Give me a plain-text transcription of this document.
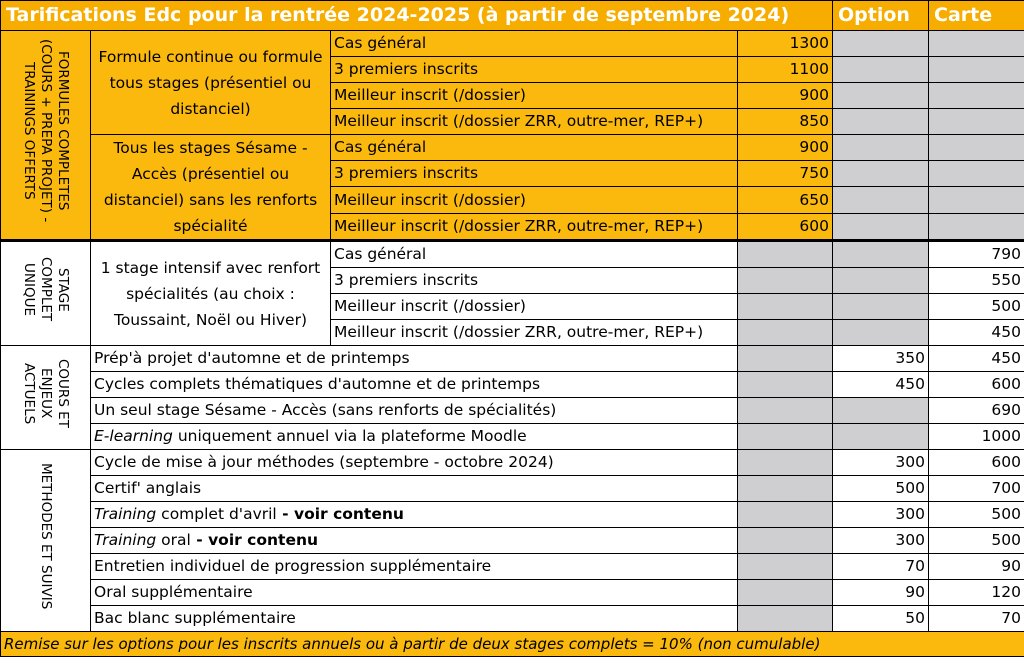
Tarifications Edc pour la rentrée 2024-2025 (à partir de septembre 2024)				Option	Carte
FORMULES COMPLETES (COURS + PREPA PROJET) - TRAININGS OFFERTS	Formule continue ou formule tous stages (présentiel ou distanciel)	Cas général	1300		
		3 premiers inscrits	1100		
		Meilleur inscrit (/dossier)	900		
		Meilleur inscrit (/dossier ZRR, outre-mer, REP+)	850		
	Tous les stages Sésame - Accès (présentiel ou distanciel) sans les renforts spécialité	Cas général	900		
		3 premiers inscrits	750		
		Meilleur inscrit (/dossier)	650		
		Meilleur inscrit (/dossier ZRR, outre-mer, REP+)	600		
STAGE COMPLET UNIQUE	1 stage intensif avec renfort spécialités (au choix : Toussaint, Noël ou Hiver)	Cas général			790
		3 premiers inscrits			550
		Meilleur inscrit (/dossier)			500
		Meilleur inscrit (/dossier ZRR, outre-mer, REP+)			450
COURS ET ENJEUX ACTUELS	Prép'à projet d'automne et de printemps			350	450
	Cycles complets thématiques d'automne et de printemps			450	600
	Un seul stage Sésame - Accès (sans renforts de spécialités)				690
	E-learning uniquement annuel via la plateforme Moodle				1000
METHODES ET SUIVIS	Cycle de mise à jour méthodes (septembre - octobre 2024)			300	600
	Certif' anglais			500	700
	Training complet d'avril - voir contenu			300	500
	Training oral - voir contenu			300	500
	Entretien individuel de progression supplémentaire			70	90
	Oral supplémentaire			90	120
	Bac blanc supplémentaire			50	70
Remise sur les options pour les inscrits annuels ou à partir de deux stages complets = 10% (non cumulable)					
